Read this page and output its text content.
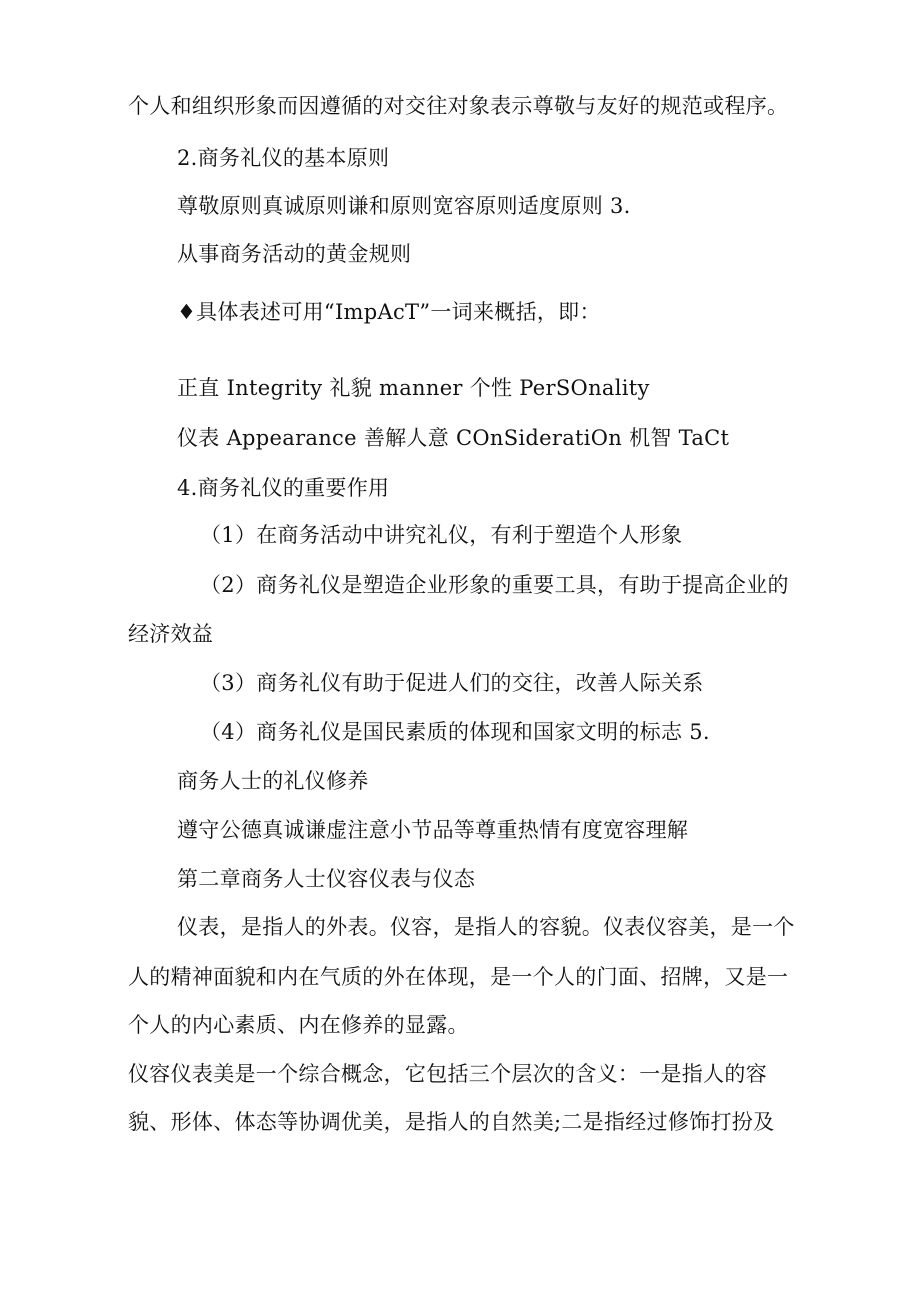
个人和组织形象而因遵循的对交往对象表示尊敬与友好的规范或程序。
2.商务礼仪的基本原则
尊敬原则真诚原则谦和原则宽容原则适度原则 3.
从事商务活动的黄金规则
♦具体表述可用“ImpAcT”一词来概括，即：
正直 Integrity 礼貌 manner 个性 PerSOnality
仪表 Appearance 善解人意 COnSideratiOn 机智 TaCt
4.商务礼仪的重要作用
（1）在商务活动中讲究礼仪，有利于塑造个人形象
（2）商务礼仪是塑造企业形象的重要工具，有助于提高企业的
经济效益
（3）商务礼仪有助于促进人们的交往，改善人际关系
（4）商务礼仪是国民素质的体现和国家文明的标志 5.
商务人士的礼仪修养
遵守公德真诚谦虚注意小节品等尊重热情有度宽容理解
第二章商务人士仪容仪表与仪态
仪表，是指人的外表。仪容，是指人的容貌。仪表仪容美，是一个
人的精神面貌和内在气质的外在体现，是一个人的门面、招牌，又是一
个人的内心素质、内在修养的显露。
仪容仪表美是一个综合概念，它包括三个层次的含义：一是指人的容
貌、形体、体态等协调优美，是指人的自然美;二是指经过修饰打扮及
